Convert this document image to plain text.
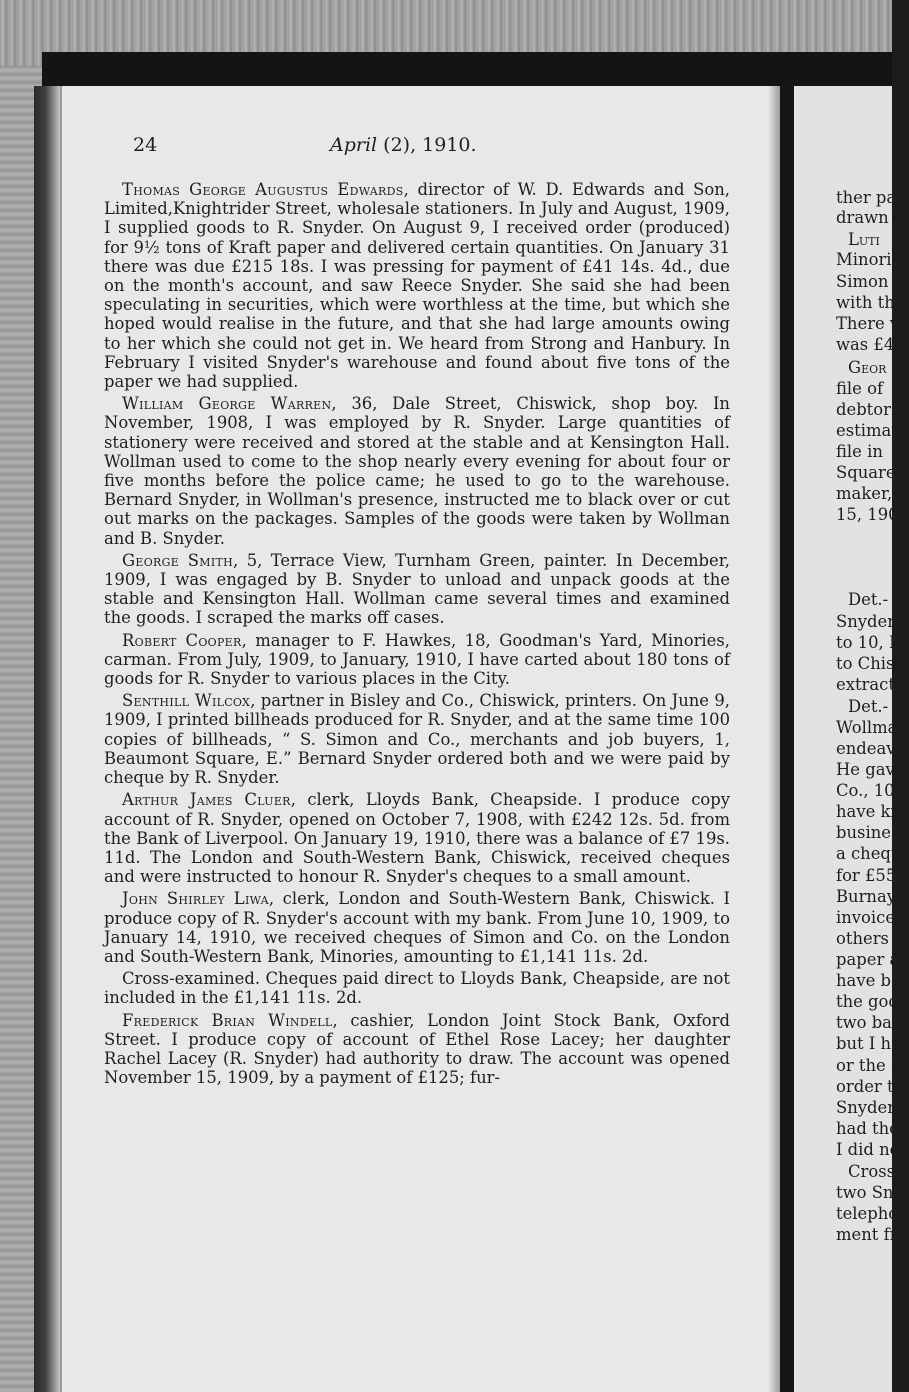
24	April (2), 1910.

Thomas George Augustus Edwards, director of W. D. Edwards and Son, Limited,Knightrider Street, wholesale stationers. In July and August, 1909, I supplied goods to R. Snyder. On August 9, I received order (produced) for 9½ tons of Kraft paper and delivered certain quantities. On January 31 there was due £215 18s. I was pressing for payment of £41 14s. 4d., due on the month's account, and saw Reece Snyder. She said she had been speculating in securities, which were worthless at the time, but which she hoped would realise in the future, and that she had large amounts owing to her which she could not get in. We heard from Strong and Hanbury. In February I visited Snyder's warehouse and found about five tons of the paper we had supplied.

William George Warren, 36, Dale Street, Chiswick, shop boy. In November, 1908, I was employed by R. Snyder. Large quantities of stationery were received and stored at the stable and at Kensington Hall. Wollman used to come to the shop nearly every evening for about four or five months before the police came; he used to go to the warehouse. Bernard Snyder, in Wollman's presence, instructed me to black over or cut out marks on the packages. Samples of the goods were taken by Wollman and B. Snyder.

George Smith, 5, Terrace View, Turnham Green, painter. In December, 1909, I was engaged by B. Snyder to unload and unpack goods at the stable and Kensington Hall. Wollman came several times and examined the goods. I scraped the marks off cases.

Robert Cooper, manager to F. Hawkes, 18, Goodman's Yard, Minories, carman. From July, 1909, to January, 1910, I have carted about 180 tons of goods for R. Snyder to various places in the City.

Senthill Wilcox, partner in Bisley and Co., Chiswick, printers. On June 9, 1909, I printed billheads produced for R. Snyder, and at the same time 100 copies of billheads, “ S. Simon and Co., merchants and job buyers, 1, Beaumont Square, E.” Bernard Snyder ordered both and we were paid by cheque by R. Snyder.

Arthur James Cluer, clerk, Lloyds Bank, Cheapside. I produce copy account of R. Snyder, opened on October 7, 1908, with £242 12s. 5d. from the Bank of Liverpool. On January 19, 1910, there was a balance of £7 19s. 11d. The London and South-Western Bank, Chiswick, received cheques and were instructed to honour R. Snyder's cheques to a small amount.

John Shirley Liwa, clerk, London and South-Western Bank, Chiswick. I produce copy of R. Snyder's account with my bank. From June 10, 1909, to January 14, 1910, we received cheques of Simon and Co. on the London and South-Western Bank, Minories, amounting to £1,141 11s. 2d.

Cross-examined. Cheques paid direct to Lloyds Bank, Cheapside, are not included in the £1,141 11s. 2d.

Frederick Brian Windell, cashier, London Joint Stock Bank, Oxford Street. I produce copy of account of Ethel Rose Lacey; her daughter Rachel Lacey (R. Snyder) had authority to draw. The account was opened November 15, 1909, by a payment of £125; fur-

ther pa
drawn
Luti
Minori
Simon
with th
There v
was £4
Geor
file of
debtor
estimat
file in
Square
maker,
15, 190
Det.-
Snyder
to 10, I
to Chis
extract
Det.-
Wollma
endeav
He gav
Co., 10,
have kr
business
a chequ
for £55
Burnay
invoices
others I
paper ar
have be
the good
two bal
but I ha
or the a
order to
Snyder
had the
I did no
Cross-
two Sny
telephon
ment fro
